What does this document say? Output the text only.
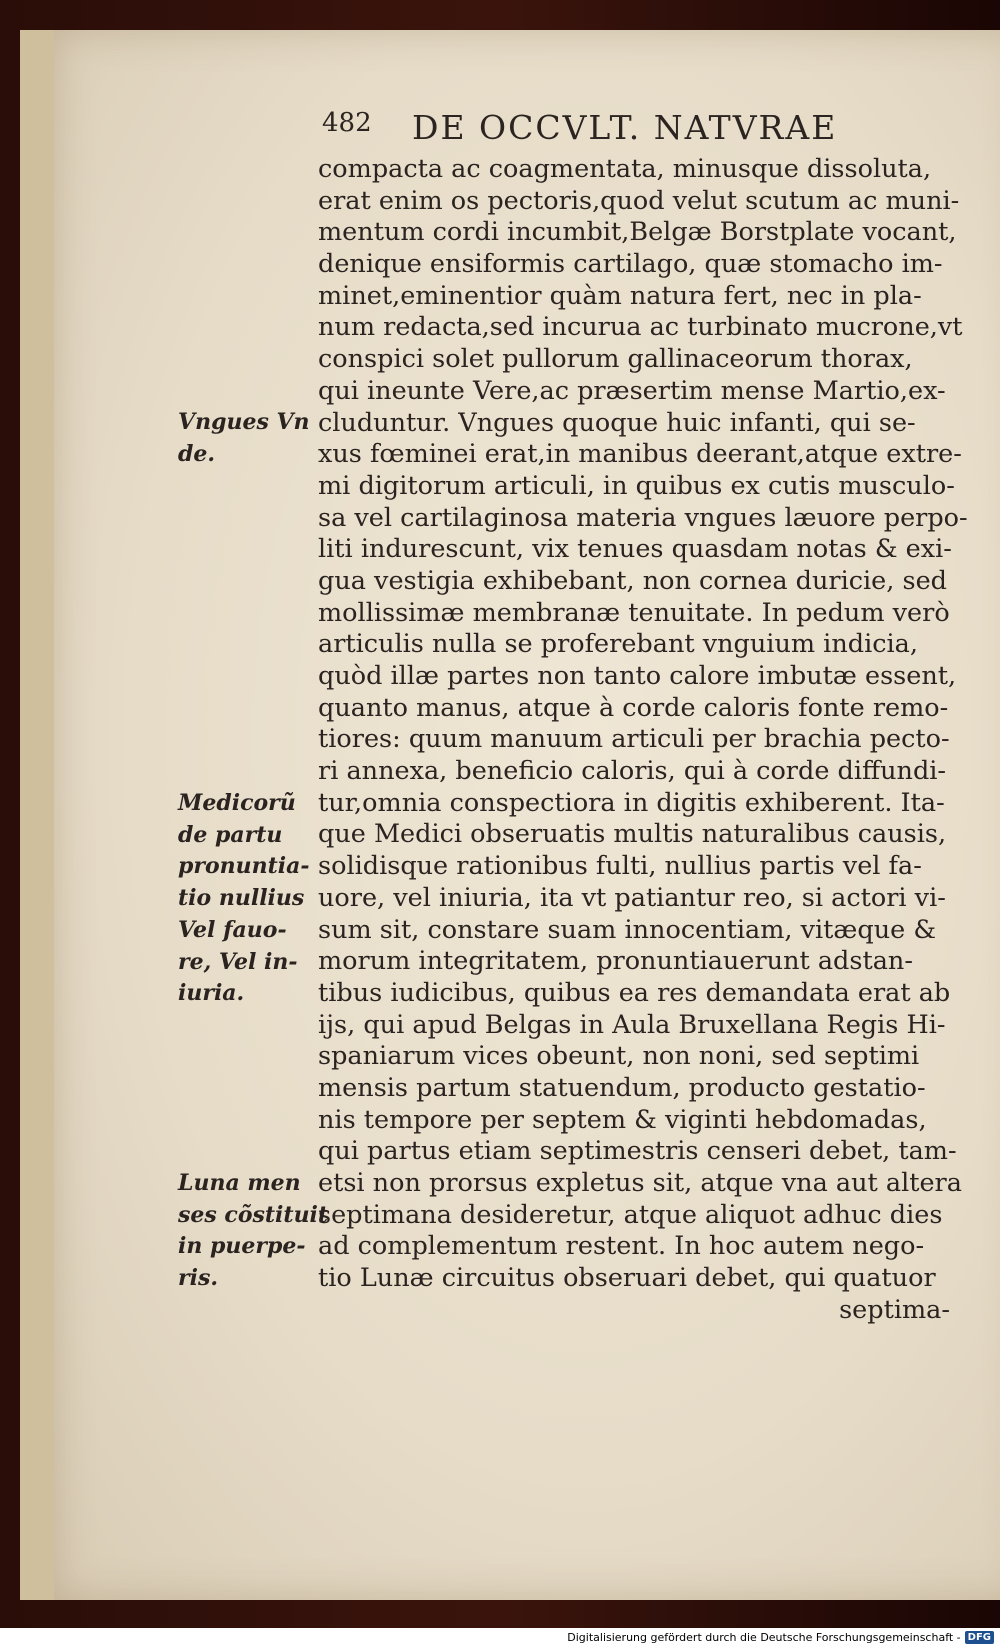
482 DE OCCVLT. NATVRAE
compacta ac coagmentata, minusque dissoluta,
erat enim os pectoris,quod velut scutum ac muni-
mentum cordi incumbit,Belgæ Borstplate vocant,
denique ensiformis cartilago, quæ stomacho im-
minet,eminentior quàm natura fert, nec in pla-
num redacta,sed incurua ac turbinato mucrone,vt
conspici solet pullorum gallinaceorum thorax,
qui ineunte Vere,ac præsertim mense Martio,ex-
cluduntur. Vngues quoque huic infanti, qui se-
xus fœminei erat,in manibus deerant,atque extre-
mi digitorum articuli, in quibus ex cutis musculo-
sa vel cartilaginosa materia vngues læuore perpo-
liti indurescunt, vix tenues quasdam notas & exi-
gua vestigia exhibebant, non cornea duricie, sed
mollissimæ membranæ tenuitate. In pedum verò
articulis nulla se proferebant vnguium indicia,
quòd illæ partes non tanto calore imbutæ essent,
quanto manus, atque à corde caloris fonte remo-
tiores: quum manuum articuli per brachia pecto-
ri annexa, beneficio caloris, qui à corde diffundi-
tur,omnia conspectiora in digitis exhiberent. Ita-
que Medici obseruatis multis naturalibus causis,
solidisque rationibus fulti, nullius partis vel fa-
uore, vel iniuria, ita vt patiantur reo, si actori vi-
sum sit, constare suam innocentiam, vitæque &
morum integritatem, pronuntiauerunt adstan-
tibus iudicibus, quibus ea res demandata erat ab
ijs, qui apud Belgas in Aula Bruxellana Regis Hi-
spaniarum vices obeunt, non noni, sed septimi
mensis partum statuendum, producto gestatio-
nis tempore per septem & viginti hebdomadas,
qui partus etiam septimestris censeri debet, tam-
etsi non prorsus expletus sit, atque vna aut altera
septimana desideretur, atque aliquot adhuc dies
ad complementum restent. In hoc autem nego-
tio Lunæ circuitus obseruari debet, qui quatuor
septima-
Vngues Vn
de.
Medicorũ
de partu
pronuntia-
tio nullius
Vel fauo-
re, Vel in-
iuria.
Luna men
ses cõstituit
in puerpe-
ris.
Digitalisierung gefördert durch die Deutsche Forschungsgemeinschaft - DFG
